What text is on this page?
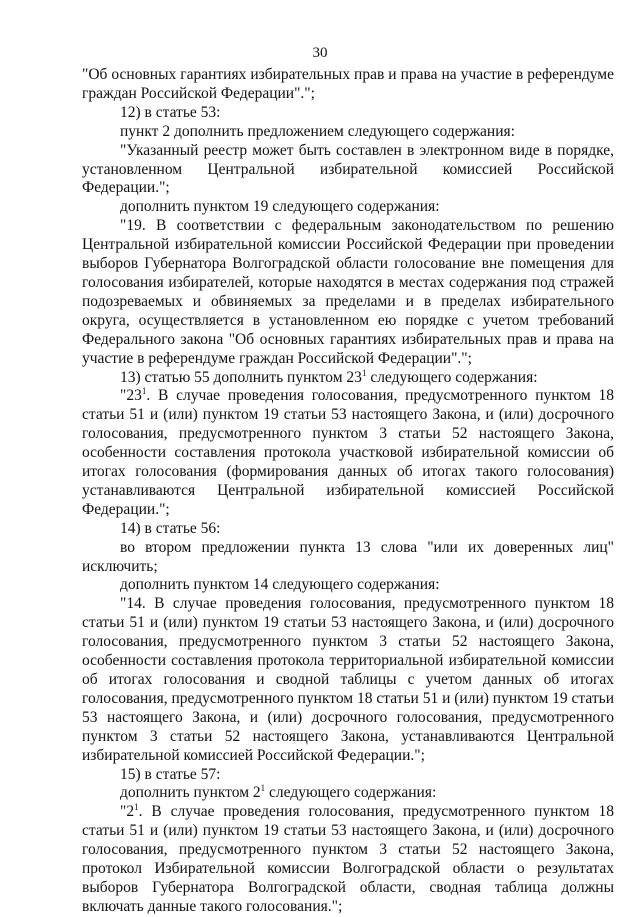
30

"Об основных гарантиях избирательных прав и права на участие в референдуме граждан Российской Федерации".";

12) в статье 53:

пункт 2 дополнить предложением следующего содержания:

"Указанный реестр может быть составлен в электронном виде в порядке, установленном Центральной избирательной комиссией Российской Федерации.";

дополнить пунктом 19 следующего содержания:

"19. В соответствии с федеральным законодательством по решению Центральной избирательной комиссии Российской Федерации при проведении выборов Губернатора Волгоградской области голосование вне помещения для голосования избирателей, которые находятся в местах содержания под стражей подозреваемых и обвиняемых за пределами и в пределах избирательного округа, осуществляется в установленном ею порядке с учетом требований Федерального закона "Об основных гарантиях избирательных прав и права на участие в референдуме граждан Российской Федерации".";

13) статью 55 дополнить пунктом $23^1$ следующего содержания:

"$23^1$. В случае проведения голосования, предусмотренного пунктом 18 статьи 51 и (или) пунктом 19 статьи 53 настоящего Закона, и (или) досрочного голосования, предусмотренного пунктом 3 статьи 52 настоящего Закона, особенности составления протокола участковой избирательной комиссии об итогах голосования (формирования данных об итогах такого голосования) устанавливаются Центральной избирательной комиссией Российской Федерации.";

14) в статье 56:

во втором предложении пункта 13 слова "или их доверенных лиц" исключить;

дополнить пунктом 14 следующего содержания:

"14. В случае проведения голосования, предусмотренного пунктом 18 статьи 51 и (или) пунктом 19 статьи 53 настоящего Закона, и (или) досрочного голосования, предусмотренного пунктом 3 статьи 52 настоящего Закона, особенности составления протокола территориальной избирательной комиссии об итогах голосования и сводной таблицы с учетом данных об итогах голосования, предусмотренного пунктом 18 статьи 51 и (или) пунктом 19 статьи 53 настоящего Закона, и (или) досрочного голосования, предусмотренного пунктом 3 статьи 52 настоящего Закона, устанавливаются Центральной избирательной комиссией Российской Федерации.";

15) в статье 57:

дополнить пунктом $2^1$ следующего содержания:

"$2^1$. В случае проведения голосования, предусмотренного пунктом 18 статьи 51 и (или) пунктом 19 статьи 53 настоящего Закона, и (или) досрочного голосования, предусмотренного пунктом 3 статьи 52 настоящего Закона, протокол Избирательной комиссии Волгоградской области о результатах выборов Губернатора Волгоградской области, сводная таблица должны включать данные такого голосования.";
